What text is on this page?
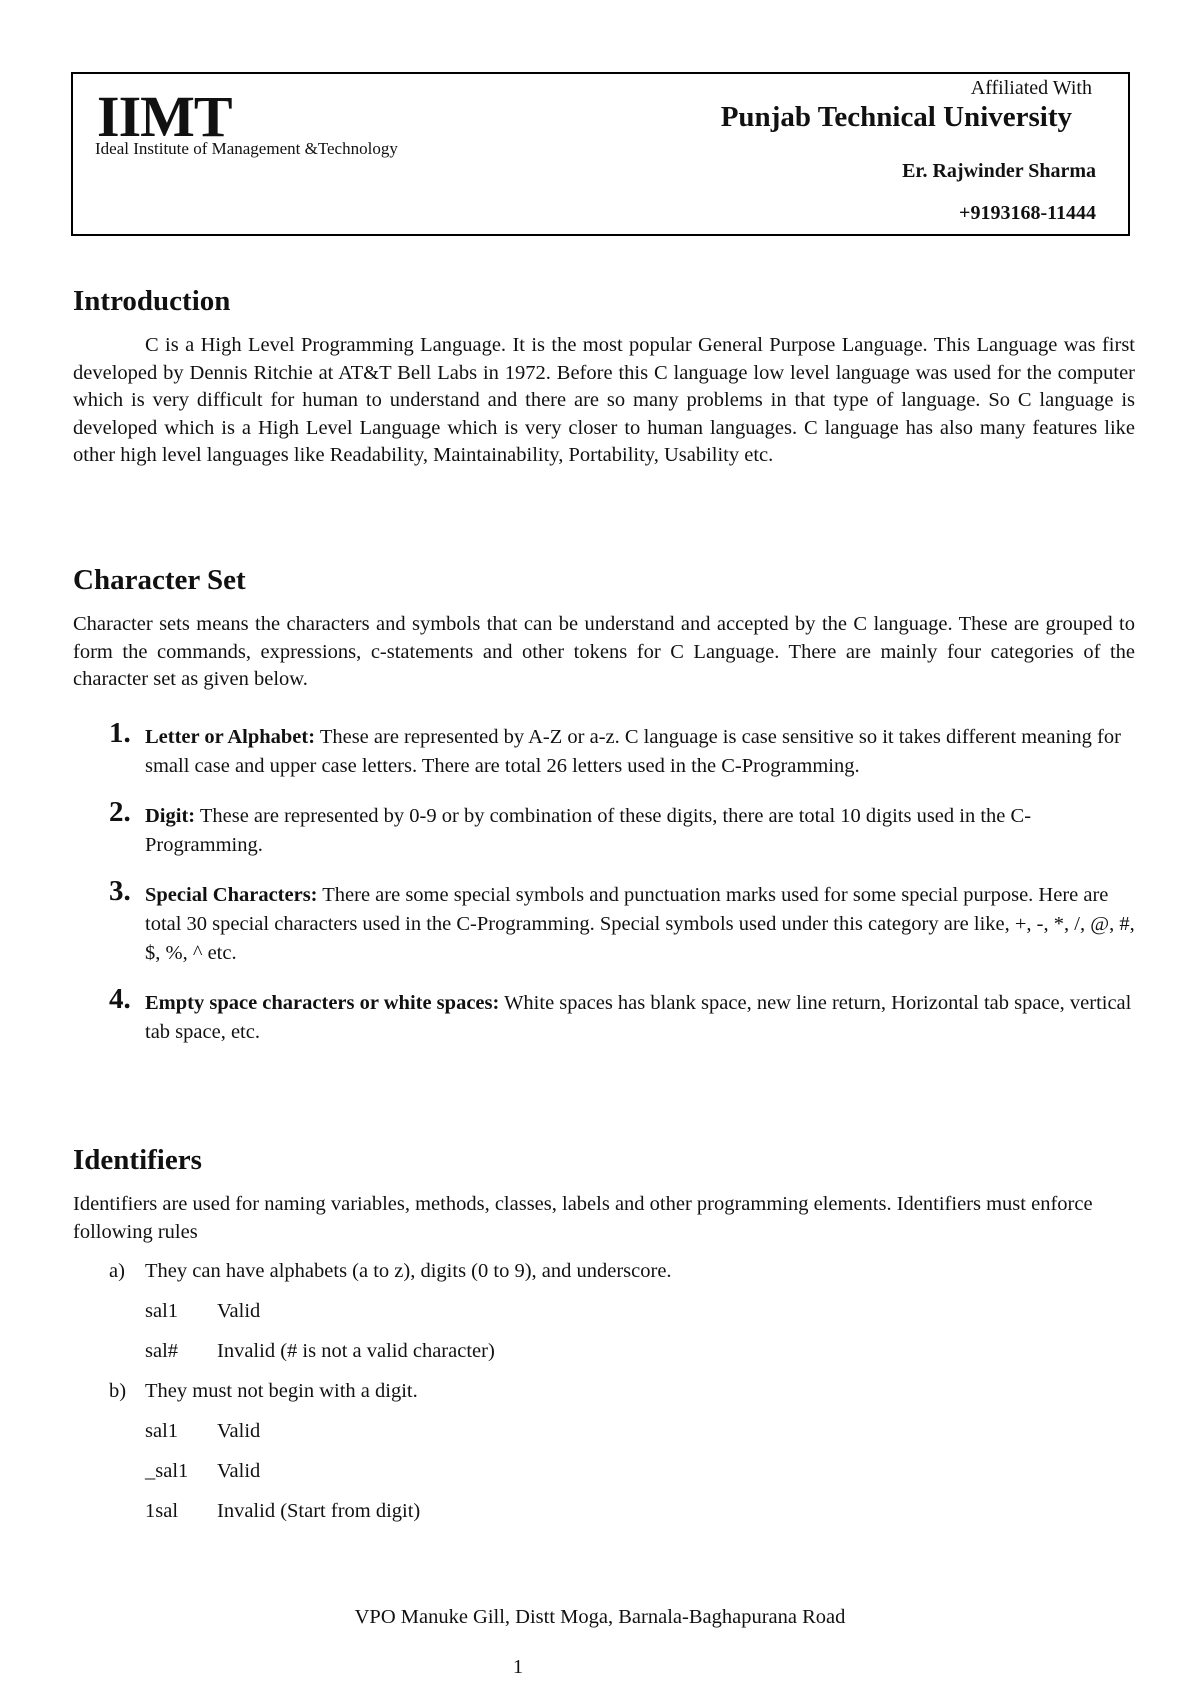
IIMT
Ideal Institute of Management &Technology
Affiliated With
Punjab Technical University
Er. Rajwinder Sharma
+9193168-11444
Introduction

C is a High Level Programming Language. It is the most popular General Purpose Language. This Language was first developed by Dennis Ritchie at AT&T Bell Labs in 1972. Before this C language low level language was used for the computer which is very difficult for human to understand and there are so many problems in that type of language. So C language is developed which is a High Level Language which is very closer to human languages. C language has also many features like other high level languages like Readability, Maintainability, Portability, Usability etc.

Character Set

Character sets means the characters and symbols that can be understand and accepted by the C language. These are grouped to form the commands, expressions, c-statements and other tokens for C Language. There are mainly four categories of the character set as given below.

1. Letter or Alphabet: These are represented by A-Z or a-z. C language is case sensitive so it takes different meaning for small case and upper case letters. There are total 26 letters used in the C-Programming.
2. Digit: These are represented by 0-9 or by combination of these digits, there are total 10 digits used in the C-Programming.
3. Special Characters: There are some special symbols and punctuation marks used for some special purpose. Here are total 30 special characters used in the C-Programming. Special symbols used under this category are like, +, -, *, /, @, #, $, %, ^ etc.
4. Empty space characters or white spaces: White spaces has blank space, new line return, Horizontal tab space, vertical tab space, etc.
Identifiers

Identifiers are used for naming variables, methods, classes, labels and other programming elements. Identifiers must enforce following rules

a) They can have alphabets (a to z), digits (0 to 9), and underscore.
sal1 Valid
sal# Invalid (# is not a valid character)
b) They must not begin with a digit.
sal1 Valid
_sal1 Valid
1sal Invalid (Start from digit)
VPO Manuke Gill, Distt Moga, Barnala-Baghapurana Road
1
